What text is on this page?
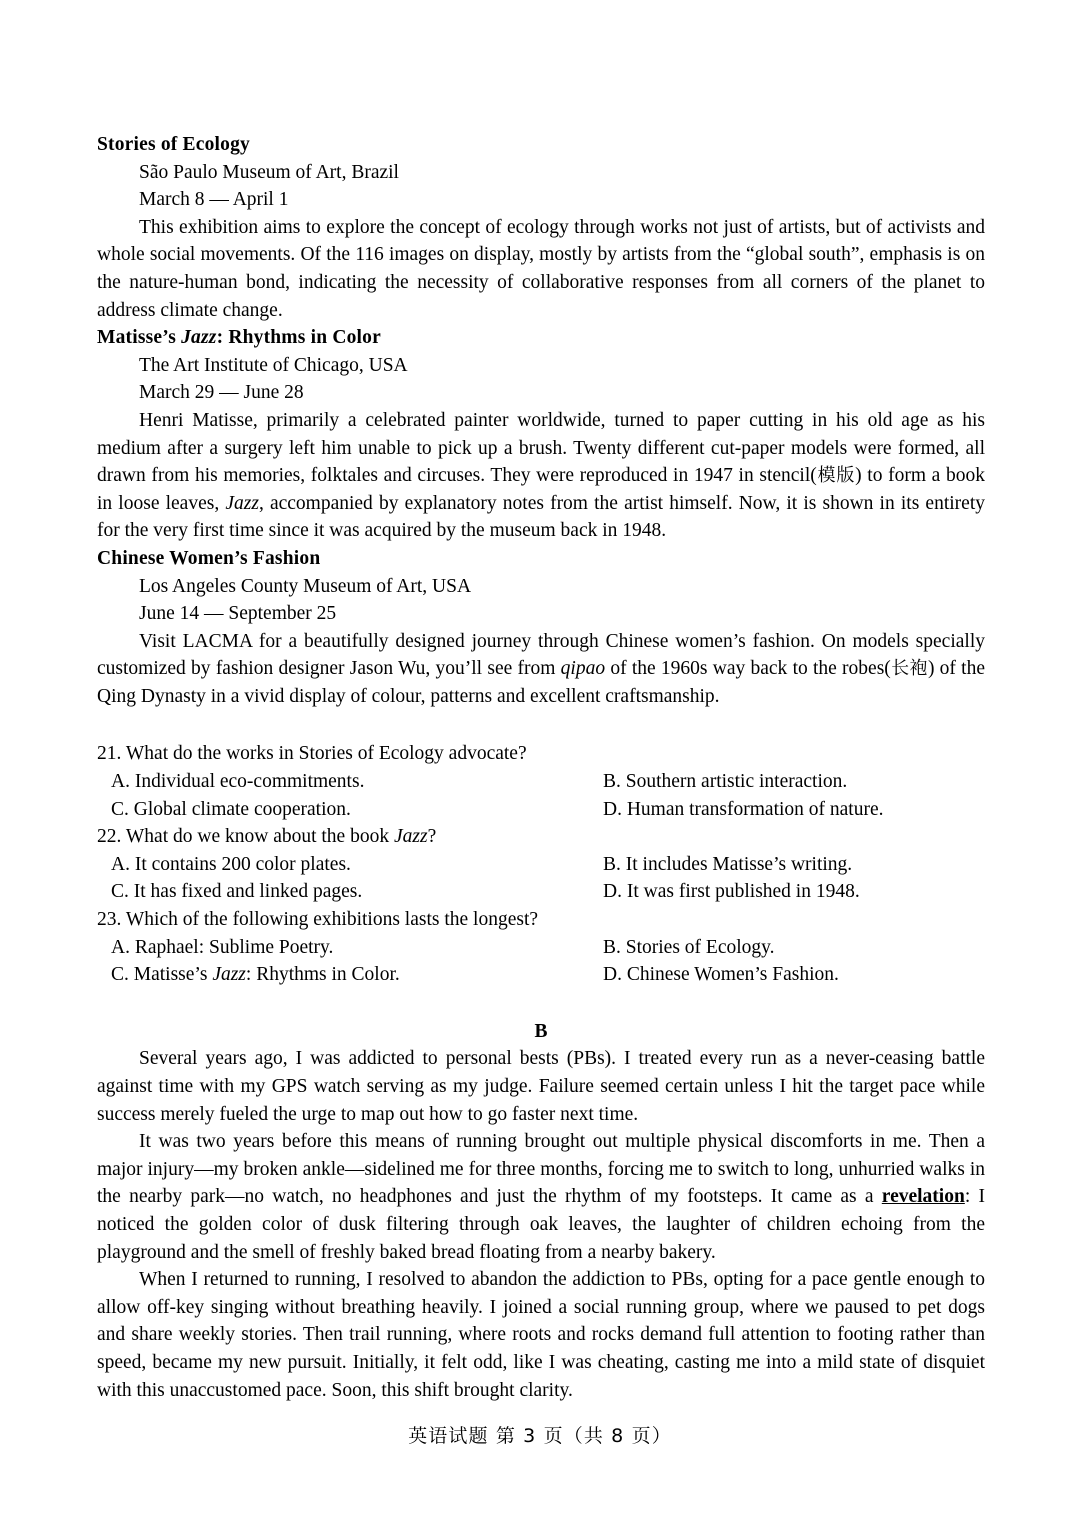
Stories of Ecology

São Paulo Museum of Art, Brazil

March 8 — April 1

This exhibition aims to explore the concept of ecology through works not just of artists, but of activists and whole social movements. Of the 116 images on display, mostly by artists from the “global south”, emphasis is on the nature-human bond, indicating the necessity of collaborative responses from all corners of the planet to address climate change.

Matisse’s Jazz: Rhythms in Color

The Art Institute of Chicago, USA

March 29 — June 28

Henri Matisse, primarily a celebrated painter worldwide, turned to paper cutting in his old age as his medium after a surgery left him unable to pick up a brush. Twenty different cut-paper models were formed, all drawn from his memories, folktales and circuses. They were reproduced in 1947 in stencil(模版) to form a book in loose leaves, Jazz, accompanied by explanatory notes from the artist himself. Now, it is shown in its entirety for the very first time since it was acquired by the museum back in 1948.

Chinese Women’s Fashion

Los Angeles County Museum of Art, USA

June 14 — September 25

Visit LACMA for a beautifully designed journey through Chinese women’s fashion. On models specially customized by fashion designer Jason Wu, you’ll see from qipao of the 1960s way back to the robes(长袍) of the Qing Dynasty in a vivid display of colour, patterns and excellent craftsmanship.

21. What do the works in Stories of Ecology advocate?

A. Individual eco-commitments.	B. Southern artistic interaction.
C. Global climate cooperation.	D. Human transformation of nature.

22. What do we know about the book Jazz?

A. It contains 200 color plates.	B. It includes Matisse’s writing.
C. It has fixed and linked pages.	D. It was first published in 1948.

23. Which of the following exhibitions lasts the longest?

A. Raphael: Sublime Poetry.	B. Stories of Ecology.
C. Matisse’s Jazz: Rhythms in Color.	D. Chinese Women’s Fashion.

B

Several years ago, I was addicted to personal bests (PBs). I treated every run as a never-ceasing battle against time with my GPS watch serving as my judge. Failure seemed certain unless I hit the target pace while success merely fueled the urge to map out how to go faster next time.

It was two years before this means of running brought out multiple physical discomforts in me. Then a major injury—my broken ankle—sidelined me for three months, forcing me to switch to long, unhurried walks in the nearby park—no watch, no headphones and just the rhythm of my footsteps. It came as a revelation: I noticed the golden color of dusk filtering through oak leaves, the laughter of children echoing from the playground and the smell of freshly baked bread floating from a nearby bakery.

When I returned to running, I resolved to abandon the addiction to PBs, opting for a pace gentle enough to allow off-key singing without breathing heavily. I joined a social running group, where we paused to pet dogs and share weekly stories. Then trail running, where roots and rocks demand full attention to footing rather than speed, became my new pursuit. Initially, it felt odd, like I was cheating, casting me into a mild state of disquiet with this unaccustomed pace. Soon, this shift brought clarity.

英语试题 第 3 页（共 8 页）
